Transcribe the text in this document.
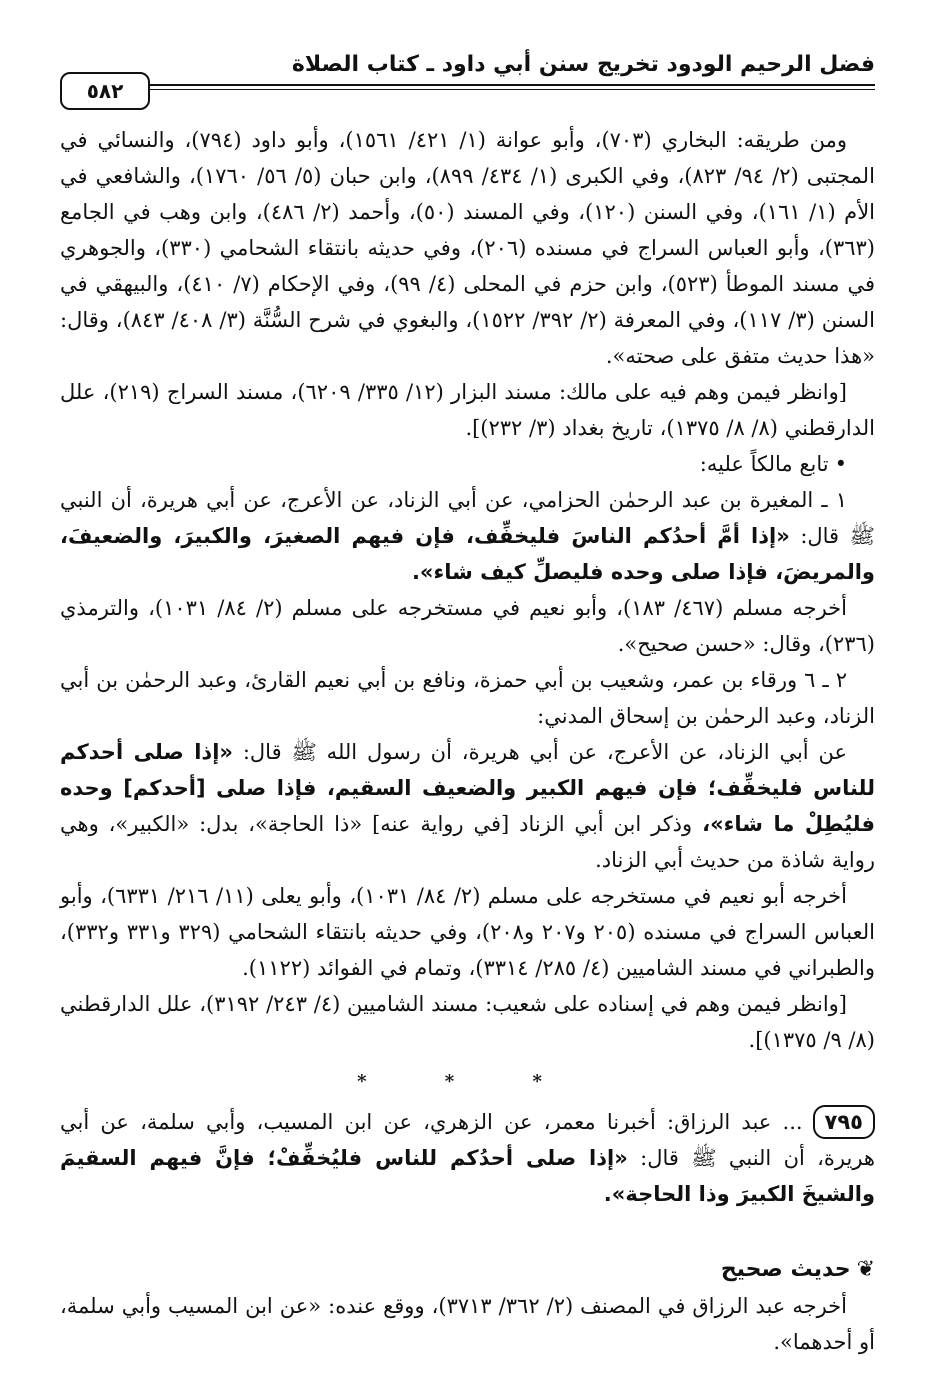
فضل الرحيم الودود تخريج سنن أبي داود ـ كتاب الصلاة
٥٨٢

ومن طريقه: البخاري (٧٠٣)، وأبو عوانة (١/ ٤٢١/ ١٥٦١)، وأبو داود (٧٩٤)، والنسائي في المجتبى (٢/ ٩٤/ ٨٢٣)، وفي الكبرى (١/ ٤٣٤/ ٨٩٩)، وابن حبان (٥/ ٥٦/ ١٧٦٠)، والشافعي في الأم (١/ ١٦١)، وفي السنن (١٢٠)، وفي المسند (٥٠)، وأحمد (٢/ ٤٨٦)، وابن وهب في الجامع (٣٦٣)، وأبو العباس السراج في مسنده (٢٠٦)، وفي حديثه بانتقاء الشحامي (٣٣٠)، والجوهري في مسند الموطأ (٥٢٣)، وابن حزم في المحلى (٤/ ٩٩)، وفي الإحكام (٧/ ٤١٠)، والبيهقي في السنن (٣/ ١١٧)، وفي المعرفة (٢/ ٣٩٢/ ١٥٢٢)، والبغوي في شرح السُّنَّة (٣/ ٤٠٨/ ٨٤٣)، وقال: «هذا حديث متفق على صحته».

[وانظر فيمن وهم فيه على مالك: مسند البزار (١٢/ ٣٣٥/ ٦٢٠٩)، مسند السراج (٢١٩)، علل الدارقطني (٨/ ٨/ ١٣٧٥)، تاريخ بغداد (٣/ ٢٣٢)].

•تابع مالكاً عليه:

١ ـ المغيرة بن عبد الرحمٰن الحزامي، عن أبي الزناد، عن الأعرج، عن أبي هريرة، أن النبي ﷺ قال: «إذا أمَّ أحدُكم الناسَ فليخفِّف، فإن فيهم الصغيرَ، والكبيرَ، والضعيفَ، والمريضَ، فإذا صلى وحده فليصلِّ كيف شاء».

أخرجه مسلم (٤٦٧/ ١٨٣)، وأبو نعيم في مستخرجه على مسلم (٢/ ٨٤/ ١٠٣١)، والترمذي (٢٣٦)، وقال: «حسن صحيح».

٢ ـ ٦ ورقاء بن عمر، وشعيب بن أبي حمزة، ونافع بن أبي نعيم القارئ، وعبد الرحمٰن بن أبي الزناد، وعبد الرحمٰن بن إسحاق المدني:

عن أبي الزناد، عن الأعرج، عن أبي هريرة، أن رسول الله ﷺ قال: «إذا صلى أحدكم للناس فليخفِّف؛ فإن فيهم الكبير والضعيف السقيم، فإذا صلى [أحدكم] وحده فليُطِلْ ما شاء»، وذكر ابن أبي الزناد [في رواية عنه] «ذا الحاجة»، بدل: «الكبير»، وهي رواية شاذة من حديث أبي الزناد.

أخرجه أبو نعيم في مستخرجه على مسلم (٢/ ٨٤/ ١٠٣١)، وأبو يعلى (١١/ ٢١٦/ ٦٣٣١)، وأبو العباس السراج في مسنده (٢٠٥ و٢٠٧ و٢٠٨)، وفي حديثه بانتقاء الشحامي (٣٢٩ و٣٣١ و٣٣٢)، والطبراني في مسند الشاميين (٤/ ٢٨٥/ ٣٣١٤)، وتمام في الفوائد (١١٢٢).

[وانظر فيمن وهم في إسناده على شعيب: مسند الشاميين (٤/ ٢٤٣/ ٣١٩٢)، علل الدارقطني (٨/ ٩/ ١٣٧٥)].

* * *

٧٩٥... عبد الرزاق: أخبرنا معمر، عن الزهري، عن ابن المسيب، وأبي سلمة، عن أبي هريرة، أن النبي ﷺ قال: «إذا صلى أحدُكم للناس فليُخفِّفْ؛ فإنَّ فيهم السقيمَ والشيخَ الكبيرَ وذا الحاجة».

❦حديث صحيح

أخرجه عبد الرزاق في المصنف (٢/ ٣٦٢/ ٣٧١٣)، ووقع عنده: «عن ابن المسيب وأبي سلمة، أو أحدهما».
